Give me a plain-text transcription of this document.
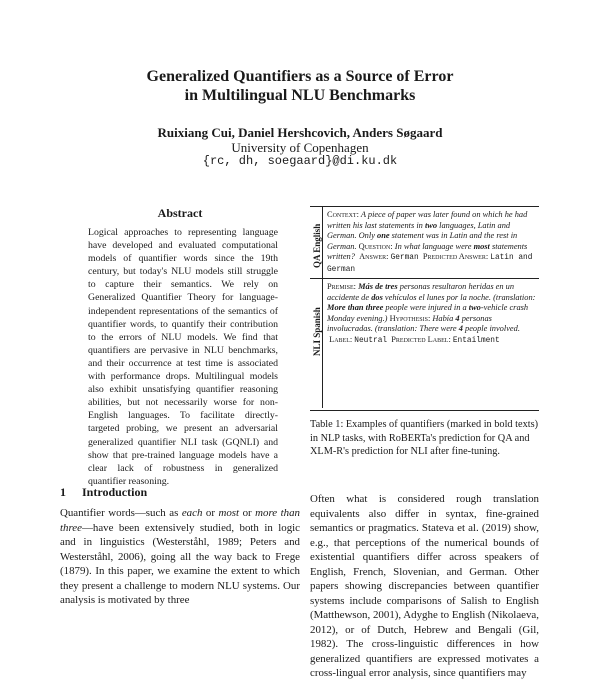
Generalized Quantifiers as a Source of Error
in Multilingual NLU Benchmarks
Ruixiang Cui, Daniel Hershcovich, Anders Søgaard
University of Copenhagen
{rc, dh, soegaard}@di.ku.dk
Abstract
Logical approaches to representing language have developed and evaluated computational models of quantifier words since the 19th century, but today's NLU models still struggle to capture their semantics. We rely on Generalized Quantifier Theory for language-independent representations of the semantics of quantifier words, to quantify their contribution to the errors of NLU models. We find that quantifiers are pervasive in NLU benchmarks, and their occurrence at test time is associated with performance drops. Multilingual models also exhibit unsatisfying quantifier reasoning abilities, but not necessarily worse for non-English languages. To facilitate directly-targeted probing, we present an adversarial generalized quantifier NLI task (GQNLI) and show that pre-trained language models have a clear lack of robustness in generalized quantifier reasoning.
1 Introduction
Quantifier words—such as each or most or more than three—have been extensively studied, both in logic and in linguistics (Westerståhl, 1989; Peters and Westerståhl, 2006), going all the way back to Frege (1879). In this paper, we examine the extent to which they present a challenge to modern NLU systems. Our analysis is motivated by three
QA English
NLI Spanish
Context: A piece of paper was later found on which he had written his last statements in two languages, Latin and German. Only one statement was in Latin and the rest in German. Question: In what language were most statements written? Answer: German Predicted Answer: Latin and German
Premise: Más de tres personas resultaron heridas en un accidente de dos vehículos el lunes por la noche. (translation: More than three people were injured in a two-vehicle crash Monday evening.) Hypothesis: Había 4 personas involucradas. (translation: There were 4 people involved.  Label: Neutral Predicted Label: Entailment
Table 1: Examples of quantifiers (marked in bold texts) in NLP tasks, with RoBERTa's prediction for QA and XLM-R's prediction for NLI after fine-tuning.
Often what is considered rough translation equivalents also differ in syntax, fine-grained semantics or pragmatics. Stateva et al. (2019) show, e.g., that perceptions of the numerical bounds of existential quantifiers differ across speakers of English, French, Slovenian, and German. Other papers showing discrepancies between quantifier systems include comparisons of Salish to English (Matthewson, 2001), Adyghe to English (Nikolaeva, 2012), or of Dutch, Hebrew and Bengali (Gil, 1982). The cross-linguistic differences in how generalized quantifiers are expressed motivates a cross-lingual error analysis, since quantifiers may
